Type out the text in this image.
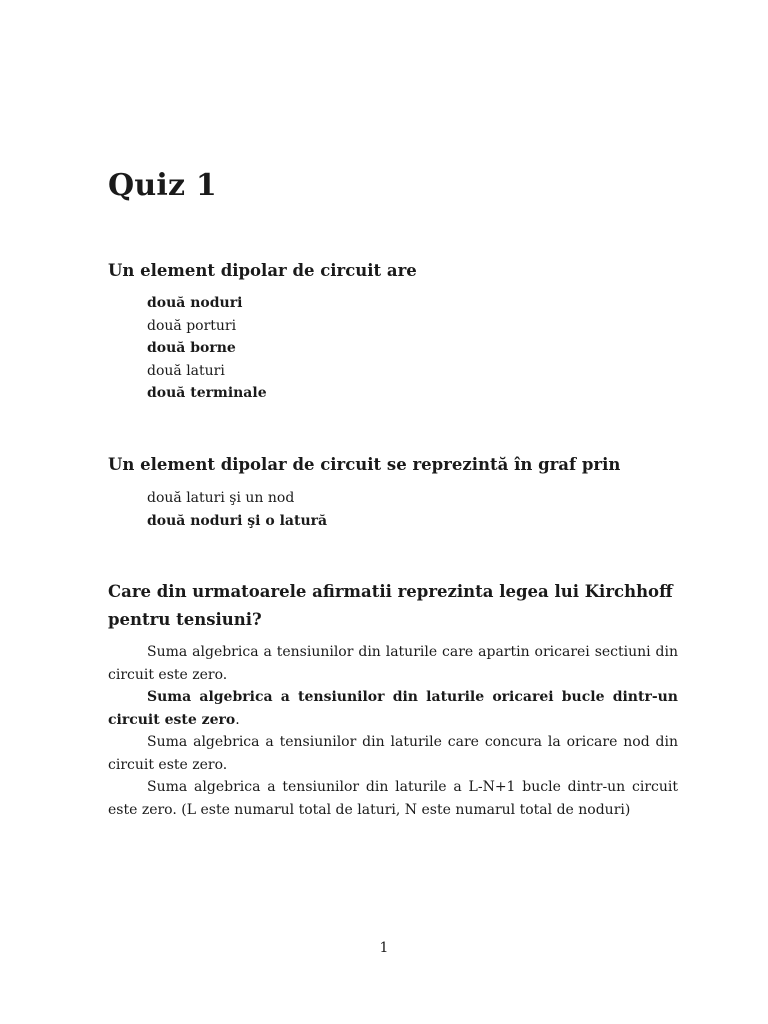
Quiz 1
Un element dipolar de circuit are
două noduri
două porturi
două borne
două laturi
două terminale
Un element dipolar de circuit se reprezintă în graf prin
două laturi şi un nod
două noduri şi o latură
Care din urmatoarele afirmatii reprezinta legea lui Kirchhoff pentru tensiuni?
Suma algebrica a tensiunilor din laturile care apartin oricarei sectiuni din circuit este zero.
Suma algebrica a tensiunilor din laturile oricarei bucle dintr-un circuit este zero.
Suma algebrica a tensiunilor din laturile care concura la oricare nod din circuit este zero.
Suma algebrica a tensiunilor din laturile a L-N+1 bucle dintr-un circuit este zero. (L este numarul total de laturi, N este numarul total de noduri)
1
